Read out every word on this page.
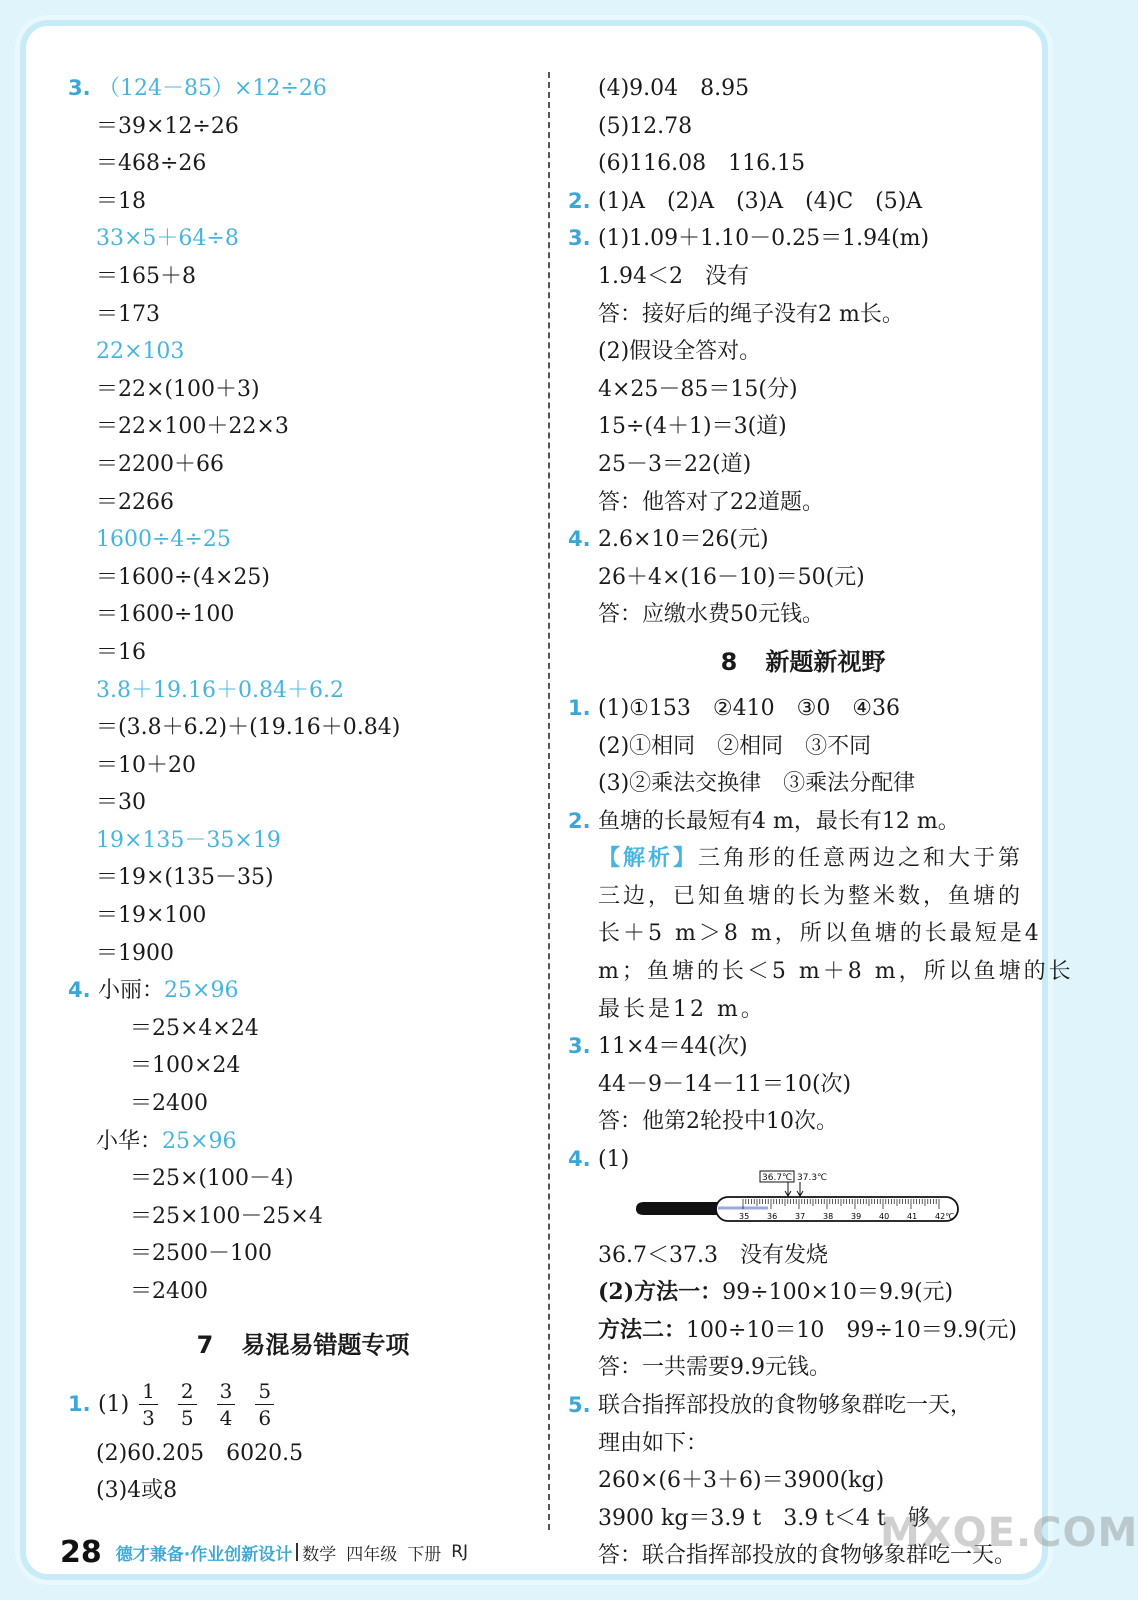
3. （124－85）×12÷26
＝39×12÷26
＝468÷26
＝18
33×5＋64÷8
＝165＋8
＝173
22×103
＝22×(100＋3)
＝22×100＋22×3
＝2200＋66
＝2266
1600÷4÷25
＝1600÷(4×25)
＝1600÷100
＝16
3.8＋19.16＋0.84＋6.2
＝(3.8＋6.2)＋(19.16＋0.84)
＝10＋20
＝30
19×135－35×19
＝19×(135－35)
＝19×100
＝1900
4. 小丽：25×96
＝25×4×24
＝100×24
＝2400
小华：25×96
＝25×(100－4)
＝25×100－25×4
＝2500－100
＝2400
7 易混易错题专项
1. $(1) \frac{1}{3} \frac{2}{5} \frac{3}{4} \frac{5}{6}$
(2)60.205　6020.5
(3)4或8
(4)9.04　8.95
(5)12.78
(6)116.08　116.15
2. (1)A　(2)A　(3)A　(4)C　(5)A
3. (1)1.09＋1.10－0.25＝1.94(m)
1.94＜2　没有
答：接好后的绳子没有2 m长。
(2)假设全答对。
4×25－85＝15(分)
15÷(4＋1)＝3(道)
25－3＝22(道)
答：他答对了22道题。
4. 2.6×10＝26(元)
26＋4×(16－10)＝50(元)
答：应缴水费50元钱。
8 新题新视野
1. (1)①153　②410　③0　④36
(2)①相同　②相同　③不同
(3)②乘法交换律　③乘法分配律
2. 鱼塘的长最短有4 m，最长有12 m。
【解析】三角形的任意两边之和大于第
三边，已知鱼塘的长为整米数，鱼塘的
长＋5 m＞8 m，所以鱼塘的长最短是4
m；鱼塘的长＜5 m＋8 m，所以鱼塘的长
最长是12 m。
3. 11×4＝44(次)
44－9－14－11＝10(次)
答：他第2轮投中10次。
4. (1)
35 36 37 38 39 40 41 42℃
36.7℃ 37.3℃
36.7＜37.3　没有发烧
(2)方法一：99÷100×10＝9.9(元)
方法二：100÷10＝10　99÷10＝9.9(元)
答：一共需要9.9元钱。
5. 联合指挥部投放的食物够象群吃一天，
理由如下：
260×(6＋3＋6)＝3900(kg)
3900 kg＝3.9 t　3.9 t＜4 t　够
答：联合指挥部投放的食物够象群吃一天。
28 德才兼备·作业创新设计 数学 四年级 下册 RJ	MXQE.COM
